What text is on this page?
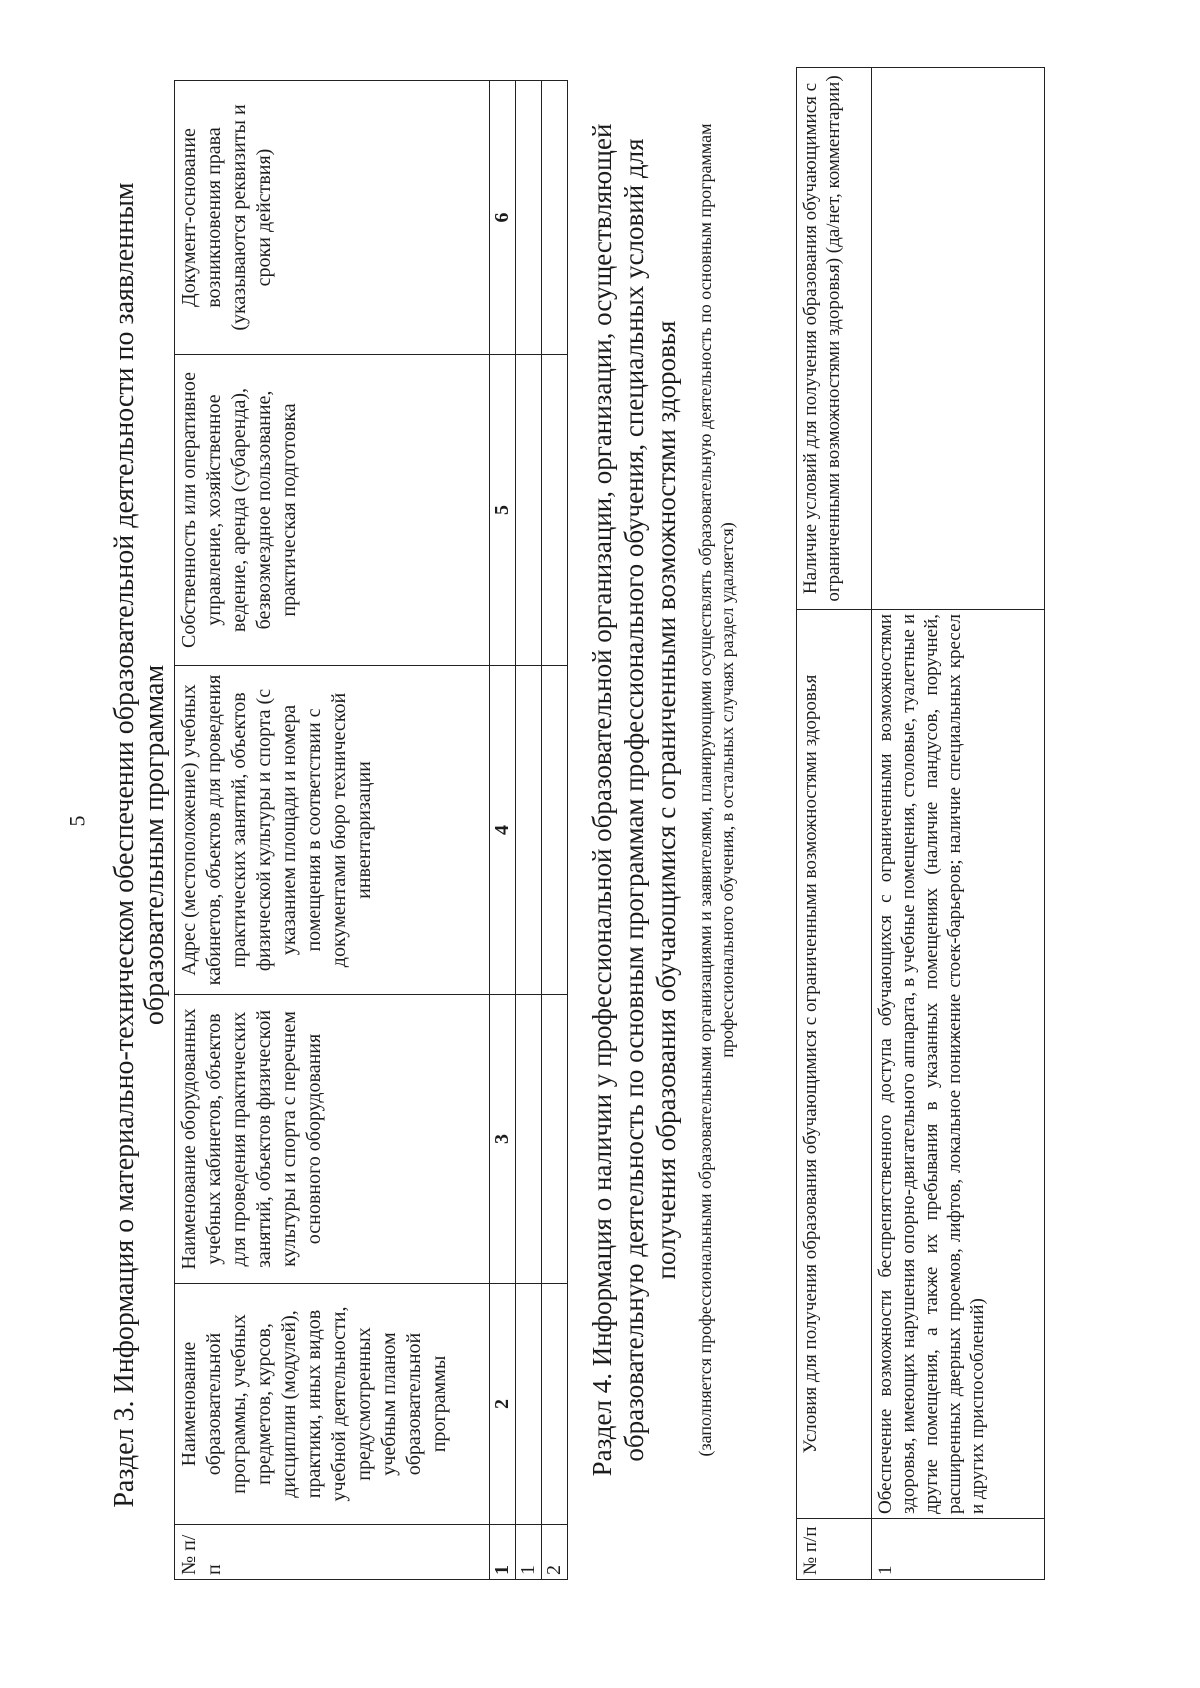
5 Раздел 3. Информация о материально-техническом обеспечении образовательной деятельности по заявленным образовательным программам
№ п/п	Наименование образовательной программы, учебных предметов, курсов, дисциплин (модулей), практики, иных видов учебной деятельности, предусмотренных учебным планом образовательной программы	Наименование оборудованных учебных кабинетов, объектов для проведения практических занятий, объектов физической культуры и спорта с перечнем основного оборудования	Адрес (местоположение) учебных кабинетов, объектов для проведения практических занятий, объектов физической культуры и спорта (с указанием площади и номера помещения в соответствии с документами бюро технической инвентаризации	Собственность или оперативное управление, хозяйственное ведение, аренда (субаренда), безвозмездное пользование, практическая подготовка	Документ-основание возникновения права (указываются реквизиты и сроки действия)
1	2	3	4	5	6
1					
2					
Раздел 4. Информация о наличии у профессиональной образовательной организации, организации, осуществляющей образовательную деятельность по основным программам профессионального обучения, специальных условий для получения образования обучающимися с ограниченными возможностями здоровья (заполняется профессиональными образовательными организациями и заявителями, планирующими осуществлять образовательную деятельность по основным программам профессионального обучения, в остальных случаях раздел удаляется)
№ п/п	Условия для получения образования обучающимися с ограниченными возможностями здоровья	Наличие условий для получения образования обучающимися с ограниченными возможностями здоровья) (да/нет, комментарии)
1	Обеспечение возможности беспрепятственного доступа обучающихся с ограниченными возможностями здоровья, имеющих нарушения опорно-двигательного аппарата, в учебные помещения, столовые, туалетные и другие помещения, а также их пребывания в указанных помещениях (наличие пандусов, поручней, расширенных дверных проемов, лифтов, локальное понижение стоек-барьеров; наличие специальных кресел и других приспособлений)	
